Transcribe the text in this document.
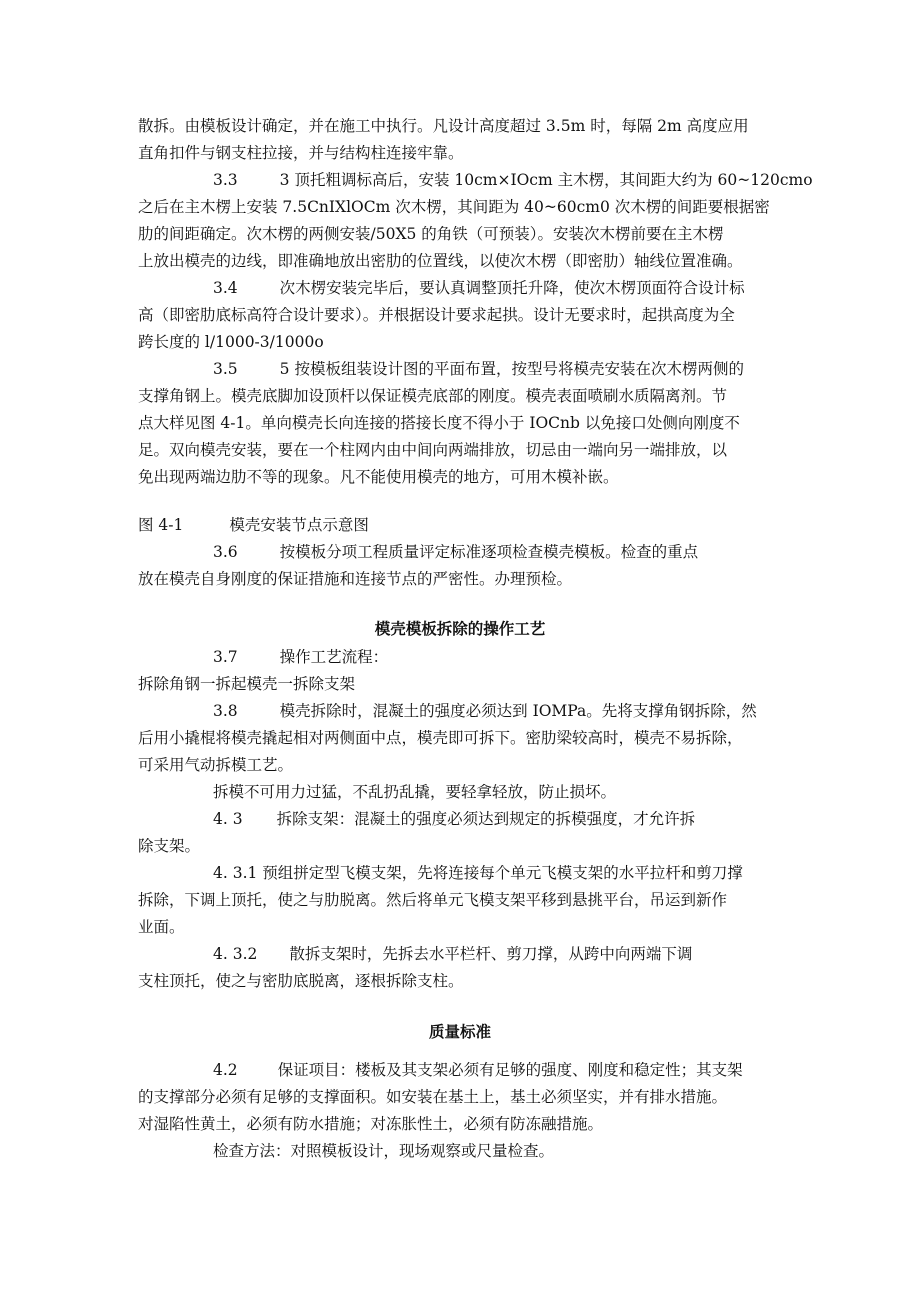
散拆。由模板设计确定，并在施工中执行。凡设计高度超过 3.5m 时，每隔 2m 高度应用

直角扣件与钢支柱拉接，并与结构柱连接牢靠。

3.3	3 顶托粗调标高后，安装 10cm×IOcm 主木楞，其间距大约为 60~120cmo

之后在主木楞上安装 7.5CnIXlOCm 次木楞，其间距为 40~60cm0 次木楞的间距要根据密

肋的间距确定。次木楞的两侧安装/50X5 的角铁（可预装）。安装次木楞前要在主木楞

上放出模壳的边线，即准确地放出密肋的位置线，以使次木楞（即密肋）轴线位置准确。

3.4	次木楞安装完毕后，要认真调整顶托升降，使次木楞顶面符合设计标

高（即密肋底标高符合设计要求）。并根据设计要求起拱。设计无要求时，起拱高度为全

跨长度的 l/1000-3/1000o

3.5	5 按模板组装设计图的平面布置，按型号将模壳安装在次木楞两侧的

支撑角钢上。模壳底脚加设顶杆以保证模壳底部的刚度。模壳表面喷刷水质隔离剂。节

点大样见图 4-1。单向模壳长向连接的搭接长度不得小于 IOCnb 以免接口处侧向刚度不

足。双向模壳安装，要在一个柱网内由中间向两端排放，切忌由一端向另一端排放，以

免出现两端边肋不等的现象。凡不能使用模壳的地方，可用木模补嵌。

图 4-1	模壳安装节点示意图

3.6	按模板分项工程质量评定标准逐项检查模壳模板。检查的重点

放在模壳自身刚度的保证措施和连接节点的严密性。办理预检。

模壳模板拆除的操作工艺

3.7	操作工艺流程：

拆除角钢一拆起模壳一拆除支架

3.8	模壳拆除时，混凝土的强度必须达到 IOMPa。先将支撑角钢拆除，然

后用小撬棍将模壳撬起相对两侧面中点，模壳即可拆下。密肋梁较高时，模壳不易拆除，

可采用气动拆模工艺。

拆模不可用力过猛，不乱扔乱撬，要轻拿轻放，防止损坏。

4. 3 拆除支架：混凝土的强度必须达到规定的拆模强度，才允许拆

除支架。

4. 3.1 预组拼定型飞模支架，先将连接每个单元飞模支架的水平拉杆和剪刀撑

拆除，下调上顶托，使之与肋脱离。然后将单元飞模支架平移到悬挑平台，吊运到新作

业面。

4. 3.2 散拆支架时，先拆去水平栏杆、剪刀撑，从跨中向两端下调

支柱顶托，使之与密肋底脱离，逐根拆除支柱。

质量标准

4.2	保证项目：楼板及其支架必须有足够的强度、刚度和稳定性；其支架

的支撑部分必须有足够的支撑面积。如安装在基土上，基土必须坚实，并有排水措施。

对湿陷性黄土，必须有防水措施；对冻胀性土，必须有防冻融措施。

检查方法：对照模板设计，现场观察或尺量检查。
